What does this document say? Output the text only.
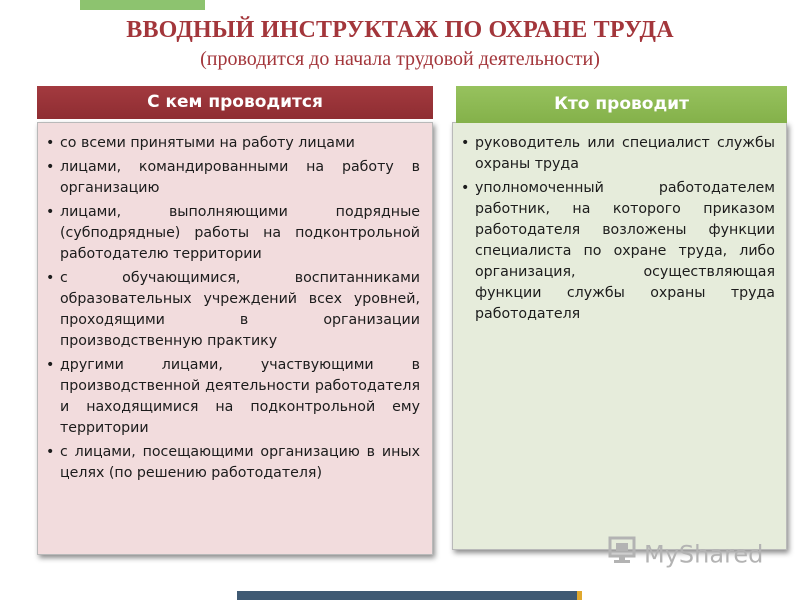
ВВОДНЫЙ ИНСТРУКТАЖ ПО ОХРАНЕ ТРУДА
(проводится до начала трудовой деятельности)
• со всеми принятыми на работу лицами
• лицами, командированными на работу в организацию
• лицами, выполняющими подрядные (субподрядные) работы на подконтрольной работодателю территории
• с обучающимися, воспитанниками образовательных учреждений всех уровней, проходящими в организации производственную практику
• другими лицами, участвующими в производственной деятельности работодателя и находящимися на подконтрольной ему территории
• с лицами, посещающими организацию в иных целях (по решению работодателя)
С кем проводится
• руководитель или специалист службы охраны труда
• уполномоченный работодателем работник, на которого приказом работодателя возложены функции специалиста по охране труда, либо организация, осуществляющая функции службы охраны труда работодателя
Кто проводит
MyShared
